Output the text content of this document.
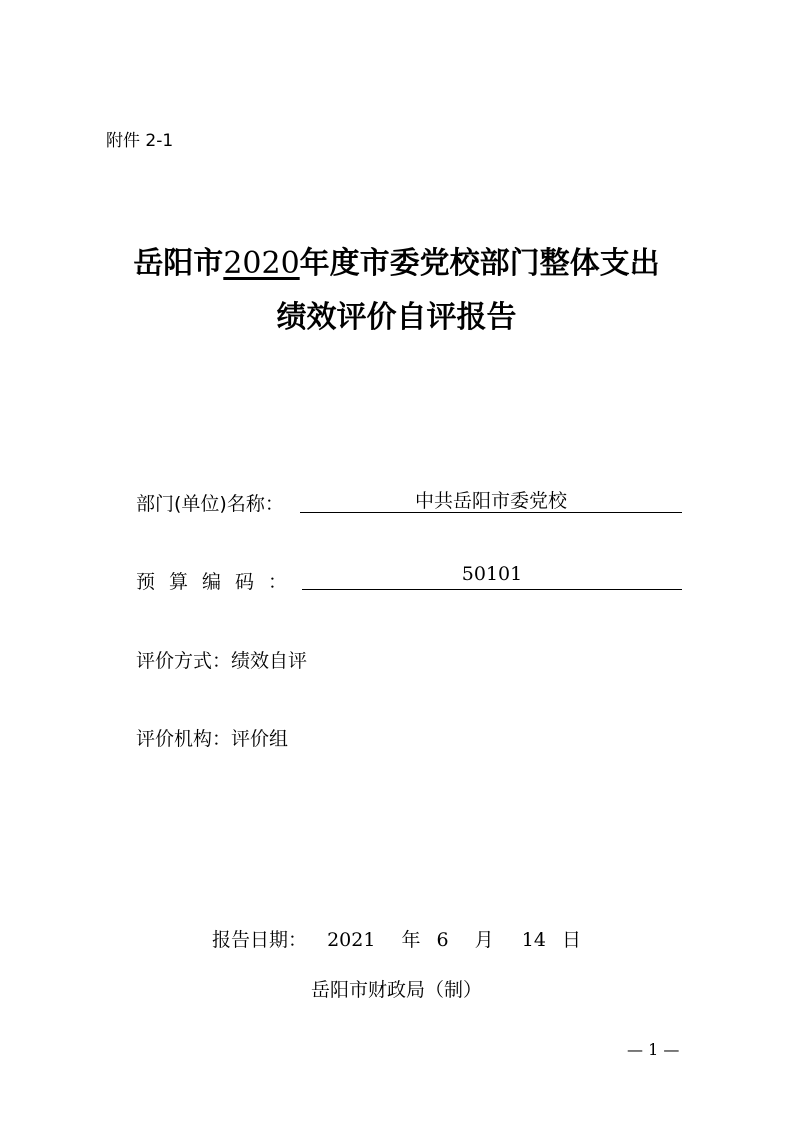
附件 2-1
岳阳市2020年度市委党校部门整体支出
绩效评价自评报告
部门(单位)名称：	中共岳阳市委党校
预算编码：	50101
评价方式：绩效自评
评价机构：评价组
报告日期： 2021 年 6 月 14 日
岳阳市财政局（制）
— 1 —
